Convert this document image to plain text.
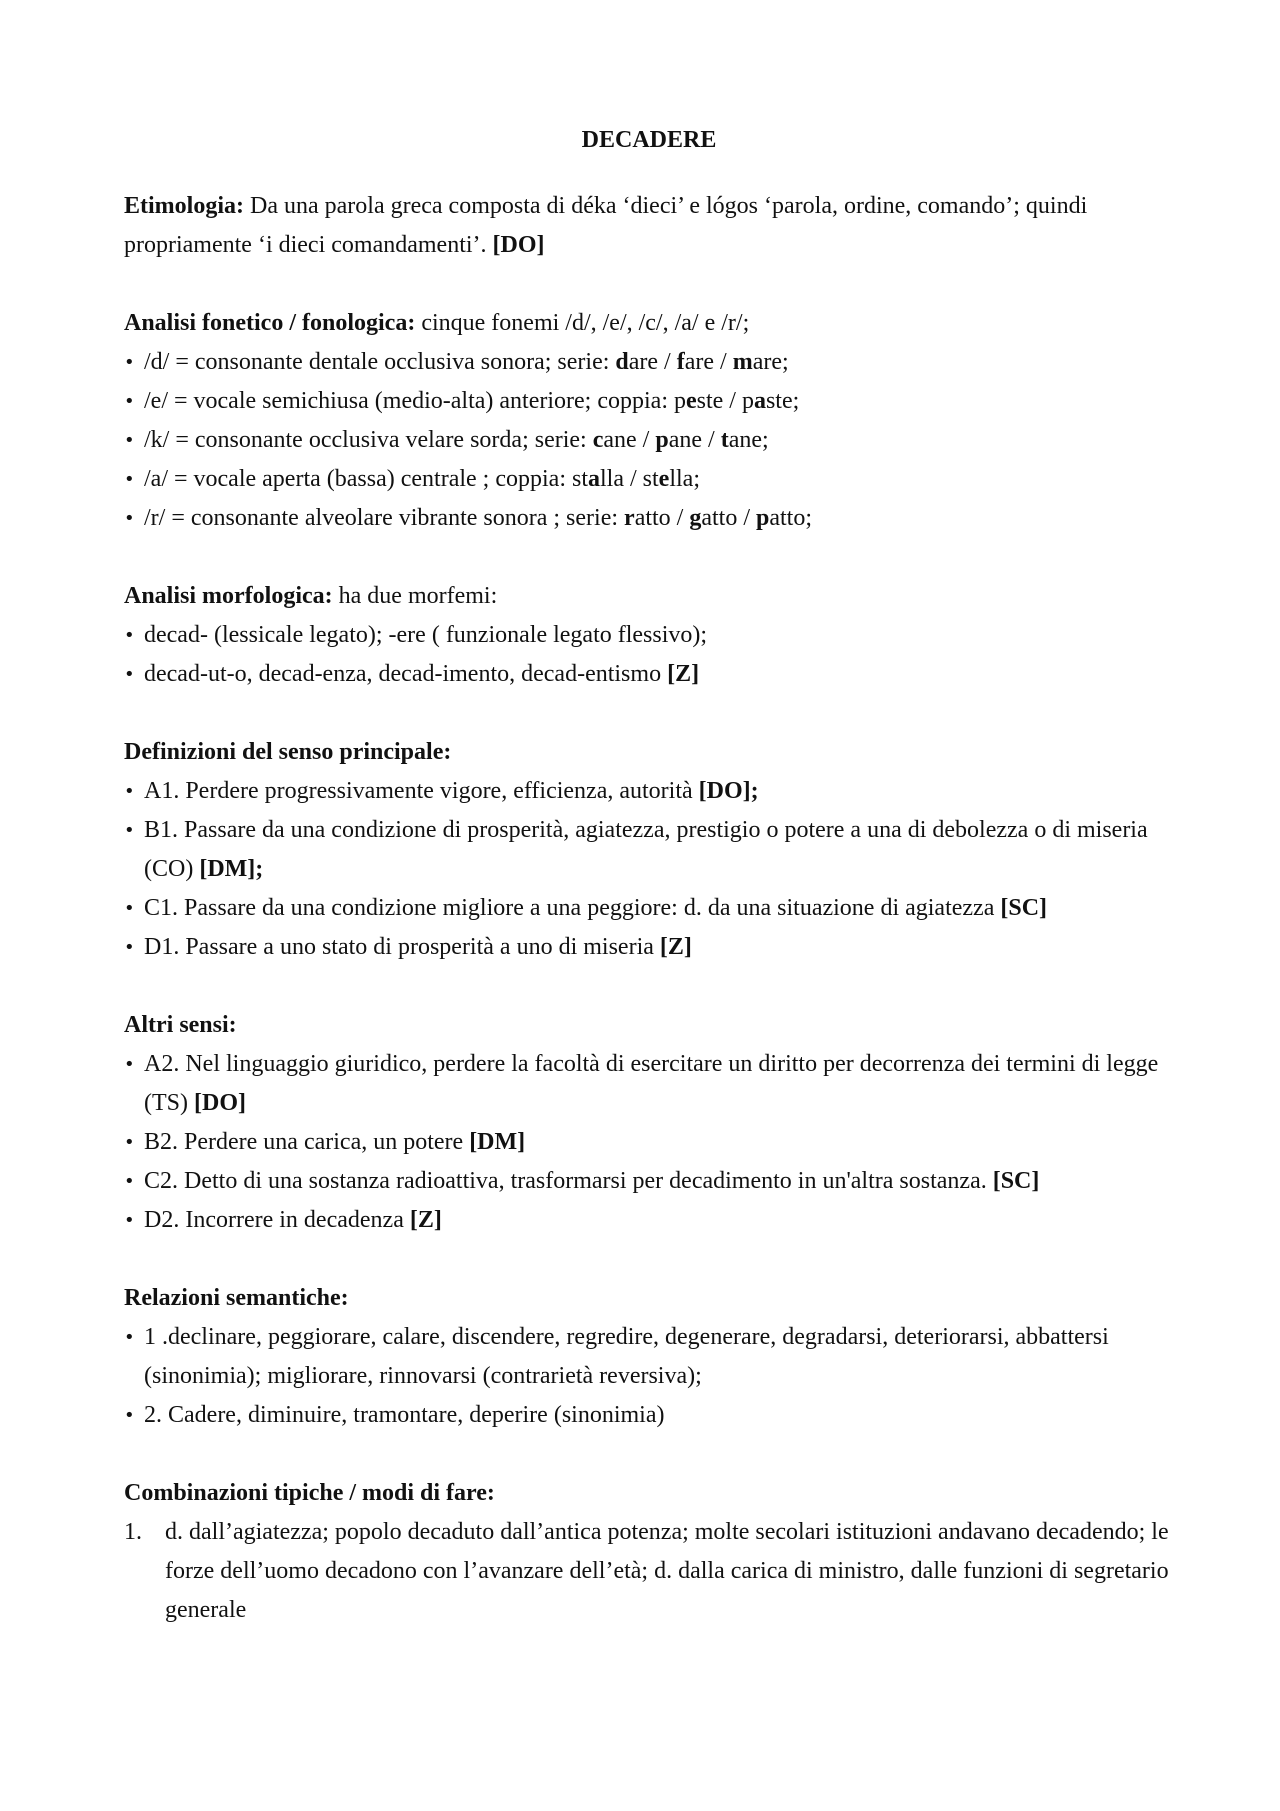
DECADERE

Etimologia: Da una parola greca composta di déka ‘dieci’ e lógos ‘parola, ordine, comando’; quindi propriamente ‘i dieci comandamenti’. [DO]

Analisi fonetico / fonologica: cinque fonemi /d/, /e/, /c/, /a/ e /r/;

• /d/ = consonante dentale occlusiva sonora; serie: dare / fare / mare;
• /e/ = vocale semichiusa (medio-alta) anteriore; coppia: peste / paste;
• /k/ = consonante occlusiva velare sorda; serie: cane / pane / tane;
• /a/ = vocale aperta (bassa) centrale ; coppia: stalla / stella;
• /r/ = consonante alveolare vibrante sonora ; serie: ratto / gatto / patto;

Analisi morfologica: ha due morfemi:

• decad- (lessicale legato); -ere ( funzionale legato flessivo);
• decad-ut-o, decad-enza, decad-imento, decad-entismo [Z]

Definizioni del senso principale:

• A1. Perdere progressivamente vigore, efficienza, autorità [DO];
• B1. Passare da una condizione di prosperità, agiatezza, prestigio o potere a una di debolezza o di miseria (CO) [DM];
• C1. Passare da una condizione migliore a una peggiore: d. da una situazione di agiatezza [SC]
• D1. Passare a uno stato di prosperità a uno di miseria [Z]

Altri sensi:

• A2. Nel linguaggio giuridico, perdere la facoltà di esercitare un diritto per decorrenza dei termini di legge (TS) [DO]
• B2. Perdere una carica, un potere [DM]
• C2. Detto di una sostanza radioattiva, trasformarsi per decadimento in un'altra sostanza. [SC]
• D2. Incorrere in decadenza [Z]

Relazioni semantiche:

• 1 .declinare, peggiorare, calare, discendere, regredire, degenerare, degradarsi, deteriorarsi, abbattersi (sinonimia); migliorare, rinnovarsi (contrarietà reversiva);
• 2. Cadere, diminuire, tramontare, deperire (sinonimia)

Combinazioni tipiche / modi di fare:

1. d. dall’agiatezza; popolo decaduto dall’antica potenza; molte secolari istituzioni andavano decadendo; le forze dell’uomo decadono con l’avanzare dell’età; d. dalla carica di ministro, dalle funzioni di segretario generale
